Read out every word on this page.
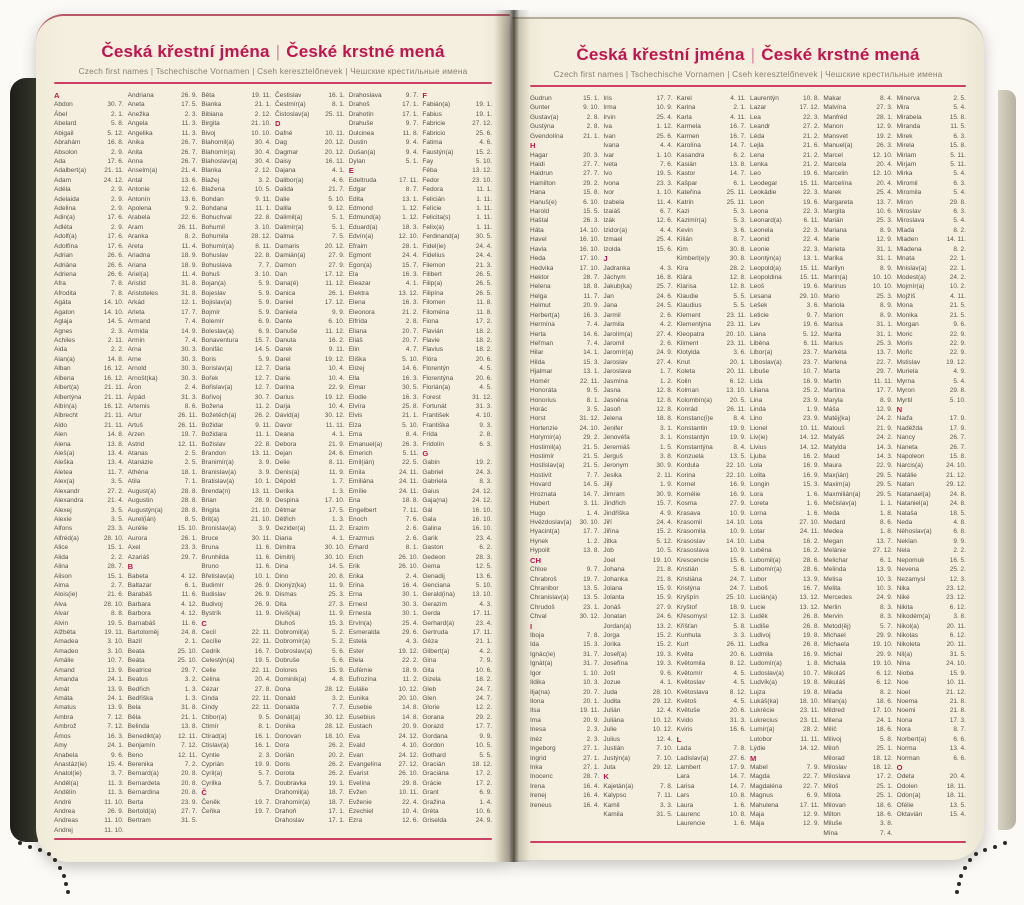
Česká křestní jména | České krstné mená
Czech first names | Tschechische Vornamen | Cseh keresztelőnevek | Чешские крестильные имена
A
Abdon	30. 7.
Ábel	2. 1.
Abelard	5. 8.
Abigail	5. 12.
Abrahám	16. 8.
Absolon	2. 9.
Ada	17. 6.
Adalbert(a)	21. 11.
Adam	24. 12.
Adéla	2. 9.
Adelaida	2. 9.
Adelina	2. 9.
Adin(a)	17. 6.
Adléta	2. 9.
Adolf(a)	17. 6.
Adolfína	17. 6.
Adrian	26. 6.
Adriána	26. 6.
Adriena	26. 6.
Afra	7. 8.
Afrodita	7. 8.
Agáta	14. 10.
Agaton	14. 10.
Aglaja	14. 5.
Agnes	2. 3.
Achiles	2. 11.
Aida	2. 2.
Alan(a)	14. 8.
Alban	16. 12.
Albena	16. 12.
Albert(a)	21. 11.
Albertýna	21. 11.
Albín(a)	16. 12.
Albrecht	21. 11.
Aldo	21. 11.
Alen	14. 8.
Alena	13. 8.
Aleš(a)	13. 4.
Aleška	13. 4.
Aletea	11. 7.
Alex(a)	3. 5.
Alexandr	27. 2.
Alexandra	21. 4.
Alexej	3. 5.
Alexie	3. 5.
Alfons	23. 3.
Alfréd(a)	28. 10.
Alice	15. 1.
Alida	2. 2.
Alina	28. 7.
Alison	15. 1.
Alma	2. 7.
Alois(ie)	21. 6.
Alva	28. 10.
Alvar	8. 8.
Alvin	19. 5.
Alžběta	19. 11.
Amadea	3. 10.
Amadeo	3. 10.
Amálie	10. 7.
Amand	13. 9.
Amanda	24. 1.
Amát	13. 9.
Amáta	24. 1.
Amatus	13. 9.
Ambra	7. 12.
Ambrož	7. 12.
Ámos	16. 3.
Amy	24. 1.
Anabela	9. 6.
Anastáz(ie)	15. 4.
Anatol(ie)	3. 7.
Anděl(a)	11. 3.
Andělín	11. 3.
André	11. 10.
Andrea	26. 9.
Andreas	11. 10.
Andrej	11. 10.
Andriana	26. 9.
Aneta	17. 5.
Anežka	2. 3.
Angela	11. 3.
Angelika	11. 3.
Anika	26. 7.
Anita	26. 7.
Anna	26. 7.
Anselm(a)	21. 4.
Antal	13. 6.
Antonie	12. 6.
Antonín	13. 6.
Apolena	9. 2.
Arabela	22. 6.
Aram	26. 11.
Aranka	8. 2.
Areta	11. 4.
Ariadna	18. 9.
Ariana	18. 9.
Ariel(a)	11. 4.
Aristid	31. 8.
Aristoteles	31. 8.
Arkád	12. 1.
Arleta	17. 7.
Armand	7. 4.
Armida	14. 9.
Armin	7. 4.
Arna	30. 3.
Arne	30. 3.
Arnold	30. 3.
Arnošt(ka)	30. 3.
Áron	2. 4.
Árpád	31. 3.
Artemis	8. 6.
Artur	26. 11.
Artuš	26. 11.
Arzen	19. 7.
Astrid	12. 11.
Atanas	2. 5.
Atanázie	2. 5.
Athéna	18. 1.
Atila	7. 1.
August(a)	28. 8.
Augustin	28. 8.
Augustýn(a)	28. 8.
Aurel(ián)	8. 5.
Aurélie	15. 10.
Aurora	26. 1.
Axel	23. 3.
Azariáš	29. 7.
B
Babeta	4. 12.
Baltazar	6. 1.
Barabáš	11. 6.
Barbara	4. 12.
Barbora	4. 12.
Barnabáš	11. 6.
Bartoloměj	24. 8.
Bazil	2. 1.
Beata	25. 10.
Beáta	25. 10.
Beatrice	29. 7.
Beatus	3. 2.
Bedřich	1. 3.
Bedřiška	1. 3.
Bela	31. 8.
Běla	21. 1.
Belinda	13. 8.
Benedikt(a)	12. 11.
Benjamín	7. 12.
Beno	12. 11.
Berenika	7. 2.
Bernard(a)	20. 8.
Bernardeta	20. 8.
Bernardina	20. 8.
Berta	23. 9.
Bertold(a)	27. 7.
Bertram	31. 5.
Běta	19. 11.
Bianka	21. 1.
Bibiana	2. 12.
Birgita	21. 10.
Bivoj	10. 10.
Blahomil(a)	30. 4.
Blahomír(a)	30. 4.
Blahoslav(a)	30. 4.
Blanka	2. 12.
Blažej	3. 2.
Blažena	10. 5.
Bohdan	9. 11.
Bohdana	11. 1.
Bohuchval	22. 8.
Bohumil	3. 10.
Bohumila	28. 12.
Bohumír(a)	8. 11.
Bohuslav	22. 8.
Bohuslava	7. 7.
Bohuš	3. 10.
Bojan(a)	5. 9.
Bojeslav	5. 9.
Bojislav(a)	5. 9.
Bojmír	5. 9.
Bolemír	6. 9.
Boleslav(a)	6. 9.
Bonaventura	15. 7.
Bonifác	14. 5.
Boris	5. 9.
Borislav(a)	12. 7.
Bořek	12. 7.
Bořislav(a)	12. 7.
Bořivoj	30. 7.
Božena	11. 2.
Božetěch(a)	26. 2.
Božidar	9. 11.
Božidara	11. 1.
Božislav	22. 8.
Brandon	13. 11.
Branimír(a)	3. 9.
Branislav(a)	3. 9.
Bratislav(a)	10. 1.
Brenda(n)	13. 11.
Brian	28. 9.
Brigita	21. 10.
Brit(a)	21. 10.
Bronislav(a)	3. 9.
Bruce	30. 11.
Bruna	11. 6.
Brunhilda	11. 6.
Bruno	11. 6.
Břetislav(a)	10. 1.
Budimír	26. 9.
Budislav	26. 9.
Budivoj	26. 9.
Bystrík	11. 9.
C
Cecil	22. 11.
Cecílie	22. 11.
Cedrik	16. 7.
Celestýn(a)	19. 5.
Celie	22. 11.
Celina	20. 4.
Cézar	27. 8.
Cinda	22. 11.
Cindy	22. 11.
Ctibor(a)	9. 5.
Ctimír	8. 1.
Ctirad(a)	16. 1.
Ctislav(a)	16. 1.
Cyntie	2. 3.
Cyprián	19. 9.
Cyril(a)	5. 7.
Cyrilka	5. 7.
Č
Čeněk	19. 7.
Čeňka	19. 7.
Čestislav	16. 1.
Čestmír(a)	8. 1.
Čistoslav(a)	25. 11.
D
Dafné	10. 11.
Dag	20. 12.
Dagmar	20. 12.
Daisy	16. 11.
Dajana	4. 1.
Dalibor(a)	4. 6.
Dalida	21. 7.
Dalie	5. 10.
Dalila	9. 12.
Dalimil(a)	5. 1.
Dalimír(a)	5. 1.
Dalma	7. 5.
Damaris	20. 12.
Damián(a)	27. 9.
Damon	27. 9.
Dan	17. 12.
Dana(é)	11. 12.
Danica	26. 1.
Daniel	17. 12.
Daniela	9. 9.
Dante	6. 10.
Danuše	11. 12.
Danuta	16. 2.
Darek	9. 11.
Darel	19. 12.
Daria	10. 4.
Darie	10. 4.
Darina	22. 9.
Darius	19. 12.
Darja	10. 4.
David(a)	30. 12.
Davor	11. 11.
Deana	4. 1.
Debora	21. 9.
Dejan	24. 6.
Delie	8. 11.
Denis(a)	11. 9.
Děpold	1. 7.
Derika	1. 3.
Despina	17. 10.
Dětmar	17. 5.
Dětřich	1. 3.
Dezider(a)	11. 2.
Diana	4. 1.
Dimitra	30. 10.
Dimitrij	30. 10.
Dina	14. 5.
Dino	20. 8.
Dionýz(ka)	11. 9.
Dismas	25. 3.
Dita	27. 3.
Diviš(ka)	11. 9.
Dluhoš	15. 3.
Dobromil(a)	5. 2.
Dobromír(a)	5. 2.
Dobroslav(a)	5. 6.
Dobruše	5. 6.
Dolores	15. 9.
Dominik(a)	4. 8.
Dona	28. 12.
Donald	3. 2.
Donalda	7. 7.
Donát(a)	30. 12.
Donika	28. 12.
Donovan	18. 10.
Dora	26. 2.
Dorián	20. 2.
Doris	26. 2.
Dorota	26. 2.
Doubravka	19. 1.
Drahomil(a)	18. 7.
Drahomír(a)	18. 7.
Drahoň	17. 1.
Drahoslav	17. 1.
Drahoslava	9. 7.
Drahoš	17. 1.
Drahotín	17. 1.
Drahuše	9. 7.
Dulcinea	11. 8.
Dustin	9. 4.
Dušan(a)	9. 4.
Dylan	5. 1.
E
Edeltruda	17. 11.
Edgar	8. 7.
Edita	13. 1.
Edmond	1. 12.
Edmund(a)	1. 12.
Eduard(a)	18. 3.
Edvín(a)	12. 10.
Efraim	28. 1.
Egmont	24. 4.
Egon(a)	15. 7.
Ela	16. 3.
Eleazar	4. 1.
Elektra	13. 12.
Elena	16. 3.
Eleonora	21. 2.
Elfrída	2. 8.
Eliana	20. 7.
Eliáš	20. 7.
Elin	4. 7.
Eliška	5. 10.
Elizej	14. 6.
Ella	16. 3.
Elmar	30. 5.
Elodie	16. 3.
Elvíra	25. 8.
Elvis	21. 1.
Elza	5. 10.
Ema	8. 4.
Emanuel(a)	26. 3.
Emerich	5. 11.
Emil(ián)	22. 5.
Emila	24. 11.
Emiliána	24. 11.
Emílie	24. 11.
Ena	18. 8.
Engelbert	7. 11.
Enoch	7. 6.
Erazim	2. 6.
Erazmus	2. 6.
Erhard	8. 1.
Erich	26. 10.
Erik	26. 10.
Erika	2. 4.
Erina	16. 4.
Erna	30. 1.
Ernest	30. 3.
Ernesta	30. 1.
Ervín(a)	25. 4.
Esmeralda	29. 6.
Estela	4. 3.
Ester	19. 12.
Etela	22. 2.
Eufémie	18. 9.
Eufrozína	11. 2.
Eulálie	10. 12.
Eunika	20. 10.
Eusebie	14. 8.
Eusebius	14. 8.
Eustach	20. 9.
Eva	24. 12.
Evald	4. 10.
Evan	24. 12.
Evangelína	27. 12.
Evarist	26. 10.
Evelína	29. 8.
Evžen	10. 11.
Evženie	22. 4.
Ezechiel	10. 4.
Ezra	12. 6.
F
Fabián(a)	19. 1.
Fabius	19. 1.
Fabricie	27. 12.
Fabricio	25. 6.
Fatima	4. 6.
Faustýn(a)	15. 2.
Fay	5. 10.
Féba	13. 12.
Fedor	23. 10.
Fedora	11. 1.
Felicián	1. 11.
Felície	1. 11.
Felicita(s)	1. 11.
Felix(a)	1. 11.
Ferdinand(a)	30. 5.
Fidel(ie)	24. 4.
Fidelius	24. 4.
Filemon	21. 3.
Filibert	26. 5.
Filip(a)	26. 5.
Filipína	26. 5.
Filomen	11. 8.
Filoména	11. 8.
Fiona	17. 2.
Flavián	18. 2.
Flavie	18. 2.
Flavius	18. 2.
Flóra	20. 6.
Florentýn	4. 5.
Florentýna	20. 6.
Florián(a)	4. 5.
Forest	31. 12.
Fortunát	31. 3.
František	4. 10.
Františka	9. 3.
Frída	2. 8.
Fridolín	6. 3.
G
Gabin	19. 2.
Gabriel	24. 3.
Gabriela	8. 3.
Gaius	24. 12.
Gaja(na)	24. 12.
Gál	16. 10.
Gala	16. 10.
Galina	16. 10.
Garik	23. 4.
Gaston	6. 2.
Gedeon	28. 3.
Gema	12. 5.
Genadij	13. 6.
Genciana	5. 10.
Gerald(ina)	13. 10.
Gerazim	4. 3.
Gerda	17. 11.
Gerhard(a)	23. 4.
Gertruda	17. 11.
Géza	21. 1.
Gilbert(a)	4. 2.
Gina	7. 9.
Gita	10. 6.
Gizela	18. 2.
Gleb	24. 7.
Glen	24. 7.
Glorie	12. 2.
Gorana	29. 2.
Gorazd	17. 7.
Gordana	9. 9.
Gordon	10. 5.
Gothard	5. 5.
Gracián	18. 12.
Graciána	17. 2.
Grácie	17. 2.
Grant	6. 9.
Gražina	1. 4.
Gréta	10. 6.
Griselda	24. 9.
Česká křestní jména | České krstné mená
Czech first names | Tschechische Vornamen | Cseh keresztelőnevek | Чешские крестильные имена
Gudrun	15. 1.
Gunter	9. 10.
Gustav(a)	2. 8.
Gustýna	2. 8.
Gvendolína	21. 1.
H
Hagar	20. 3.
Haidi	27. 7.
Haidrun	27. 7.
Hamilton	29. 2.
Hana	15. 8.
Hanuš(e)	6. 10.
Harold	15. 5.
Haštal	26. 3.
Háta	14. 10.
Havel	16. 10.
Havla	16. 10.
Heda	17. 10.
Hedvika	17. 10.
Hektor	28. 7.
Helena	18. 8.
Helga	11. 7.
Helmut	20. 9.
Herbert(a)	16. 3.
Hermína	7. 4.
Herta	14. 6.
Heřman	7. 4.
Hilar	14. 1.
Hilda	15. 3.
Hjalmar	13. 1.
Homér	22. 11.
Honoráta	9. 5.
Honorius	8. 1.
Horác	3. 5.
Horst	31. 12.
Hortenzie	24. 10.
Horymír(a)	29. 2.
Hostimil(a)	21. 5.
Hostimír	21. 5.
Hostislav(a)	21. 5.
Hostivít	7. 7.
Hovard	14. 5.
Hroznata	14. 7.
Hubert	3. 11.
Hugo	1. 4.
Hvězdoslav(a)	30. 10.
Hyacint(a)	17. 7.
Hynek	1. 2.
Hypolit	13. 8.
CH
Chloe	9. 7.
Chrabroš	19. 7.
Chranibor	13. 5.
Chranislav(a)	13. 5.
Chrudoš	23. 1.
Chval	30. 12.
I
Iboja	7. 8.
Ida	15. 3.
Ignác(ie)	31. 7.
Ignát(a)	31. 7.
Igor	1. 10.
Ildika	10. 3.
Ilja(na)	20. 7.
Ilona	20. 1.
Ilsa	19. 11.
Ima	20. 9.
Inesa	2. 3.
Inéz	2. 3.
Ingeborg	27. 1.
Ingrid	27. 1.
Inka	27. 1.
Inocenc	28. 7.
Irena	16. 4.
Irenej	16. 4.
Ireneus	16. 4.
Iris	17. 7.
Irma	10. 9.
Irvin	25. 4.
Iva	1. 12.
Ivan	25. 6.
Ivana	4. 4.
Ivar	1. 10.
Iveta	7. 6.
Ivo	19. 5.
Ivona	23. 3.
Ivor	1. 10.
Izabela	11. 4.
Izaiáš	6. 7.
Izák	12. 6.
Izidor(a)	4. 4.
Izmael	25. 4.
Izolda	15. 6.
J
Jadranka	4. 3.
Jáchym	16. 8.
Jakub(ka)	25. 7.
Jan	24. 6.
Jana	24. 5.
Jarmil	2. 6.
Jarmila	4. 2.
Jarolím(a)	27. 4.
Jaromil	2. 6.
Jaromír(a)	24. 9.
Jaroslav	27. 4.
Jaroslava	1. 7.
Jasmína	1. 2.
Jasna	12. 8.
Jasněna	12. 8.
Jasoň	12. 8.
Jelena	18. 8.
Jenifer	3. 1.
Jenovéfa	3. 1.
Jeremiáš	1. 5.
Jerguš	3. 8.
Jeronym	30. 9.
Jesika	2. 11.
Jiljí	1. 9.
Jimram	30. 9.
Jindřich	15. 7.
Jindřiška	4. 9.
Jiří	24. 4.
Jiřina	15. 2.
Jitka	5. 12.
Job	10. 5.
Joel	19. 10.
Johana	21. 8.
Johanka	21. 8.
Jolana	15. 9.
Jolanta	15. 9.
Jonáš	27. 9.
Jonatan	24. 6.
Jordan(a)	13. 2.
Jorga	15. 2.
Jorika	15. 2.
Josef(a)	19. 3.
Josefína	19. 3.
Jošt	9. 6.
Jozue	4. 1.
Juda	28. 10.
Judita	29. 12.
Julián	12. 4.
Juliána	10. 12.
Julie	10. 12.
Julius	12. 4.
Justián	7. 10.
Justýn(a)	7. 10.
Juta	29. 12.
K
Kajetán(a)	7. 8.
Kalypso	7. 11.
Kamil	3. 3.
Kamila	31. 5.
Karel	4. 11.
Karina	2. 1.
Karla	4. 11.
Karmela	16. 7.
Karmen	16. 7.
Karolína	14. 7.
Kasandra	6. 2.
Kasián	13. 8.
Kastor	14. 7.
Kašpar	6. 1.
Kateřina	25. 11.
Katrin	25. 11.
Kazi	5. 3.
Kazimír(a)	5. 3.
Kevin	3. 6.
Kilián	8. 7.
Kim	30. 8.
Kimberl(e)y	30. 8.
Kira	28. 2.
Klára	12. 8.
Klarisa	12. 8.
Klaudie	5. 5.
Klaudius	5. 5.
Klement	23. 11.
Klementýna	23. 11.
Kleopatra	20. 10.
Kliment	23. 11.
Klotylda	3. 6.
Knut	20. 1.
Koleta	20. 11.
Kolin	6. 12.
Kolman	13. 10.
Kolombín(a)	20. 5.
Konrád	26. 11.
Konstanc(i)e	8. 4.
Konstantin	19. 9.
Konstantýn	19. 9.
Konstantýna	8. 4.
Konzuela	13. 5.
Kordula	22. 10.
Korina	22. 10.
Kornel	16. 9.
Kornélie	16. 9.
Kosma	27. 9.
Krasava	10. 9.
Krasomil	14. 10.
Krasomila	10. 9.
Krasoslav	14. 10.
Krasoslava	10. 9.
Krescencie	15. 6.
Kristián	5. 8.
Kristiána	24. 7.
Kristýna	24. 7.
Kryšpín	25. 10.
Kryštof	18. 9.
Křesomysl	12. 3.
Křišťan	5. 8.
Kunhuta	3. 3.
Kurt	26. 11.
Květa	20. 6.
Květomila	8. 12.
Květomír	4. 5.
Květoslav	4. 5.
Květoslava	8. 12.
Květoš	4. 5.
Květuše	20. 6.
Kvido	31. 3.
Kviris	16. 6.
L
Lada	7. 8.
Ladislav(a)	27. 6.
Lambert	17. 9.
Lara	14. 7.
Larisa	14. 7.
Lars	10. 8.
Laura	1. 6.
Laurenc	10. 8.
Laurencie	1. 6.
Laurentýn	10. 8.
Lazar	17. 12.
Lea	22. 3.
Leandr	27. 2.
Léda	21. 2.
Lejla	21. 6.
Lena	21. 2.
Lenka	21. 2.
Leo	19. 6.
Leodegar	15. 11.
Leokádie	22. 3.
Leon	19. 6.
Leona	22. 3.
Leonard(a)	6. 11.
Leonela	22. 3.
Leonid	22. 4.
Leonie	22. 3.
Leontýn(a)	13. 1.
Leopold(a)	15. 11.
Leopoldina	15. 11.
Leoš	19. 6.
Lesana	29. 10.
Lešek	3. 6.
Leticie	9. 7.
Lev	19. 6.
Liana	5. 12.
Liběna	6. 11.
Libor(a)	23. 7.
Liboslav(a)	23. 7.
Libuše	10. 7.
Lída	16. 9.
Liliana	25. 2.
Lina	23. 9.
Linda	1. 9.
Lino	23. 9.
Lionel	10. 11.
Liv(ie)	14. 12.
Livius	14. 12.
Ljuba	16. 2.
Lola	16. 9.
Lolita	16. 9.
Longin	15. 3.
Lora	1. 6.
Loreta	1. 6.
Lorna	1. 6.
Lota	27. 10.
Lotar	24. 11.
Luba	16. 2.
Luběna	16. 2.
Lubomil(a)	28. 6.
Lubomír(a)	28. 6.
Lubor	13. 9.
Luboš	16. 7.
Lucián(a)	13. 12.
Lucie	13. 12.
Luděk	26. 8.
Ludiše	26. 8.
Ludivoj	19. 8.
Luďka	26. 8.
Ludmila	16. 9.
Ludomír(a)	1. 8.
Ludoslav(a)	10. 7.
Ludvík(a)	19. 8.
Lujza	19. 8.
Lukáš(ka)	18. 10.
Lukrécie	23. 11.
Lukrecius	23. 11.
Lumír(a)	28. 2.
Lutobor	11. 11.
Lýdie	14. 12.
M
Mabel	7. 9.
Magda	22. 7.
Magdaléna	22. 7.
Magnus	6. 9.
Mahulena	17. 11.
Maja	12. 9.
Mája	12. 9.
Makar	8. 4.
Malvína	27. 3.
Manfréd	28. 1.
Manon	12. 9.
Mansvet	19. 2.
Manuel(a)	26. 3.
Marcel	12. 10.
Marcela	20. 4.
Marcelin	12. 10.
Marcelína	20. 4.
Marek	25. 4.
Margareta	13. 7.
Margita	10. 6.
Marián	25. 3.
Mariana	8. 9.
Marie	12. 9.
Marieta	31. 1.
Marika	31. 1.
Marilyn	8. 9.
Marin(a)	10. 10.
Marinus	10. 10.
Mario	25. 3.
Mariola	8. 9.
Marion	8. 9.
Marisa	31. 1.
Marita	31. 1.
Marius	25. 3.
Markéta	13. 7.
Marlena	22. 7.
Marta	29. 7.
Martin	11. 11.
Martina	17. 7.
Maryla	8. 9.
Máša	12. 9.
Matěj(ka)	24. 2.
Matouš	21. 9.
Matyáš	24. 2.
Matylda	14. 3.
Maud	14. 3.
Maura	22. 9.
Max(ián)	29. 5.
Maxim(a)	29. 5.
Maxmilián(a)	29. 5.
Mečislav(a)	1. 1.
Meda	1. 8.
Medard	8. 6.
Medea	1. 8.
Megan	13. 7.
Melánie	27. 12.
Melichar	6. 1.
Melinda	13. 9.
Melisa	10. 3.
Melita	10. 3.
Mercedes	24. 9.
Merlin	8. 3.
Mervin	8. 3.
Metod(ěj)	5. 7.
Michael	29. 9.
Michaela	19. 10.
Michal	29. 9.
Michala	19. 10.
Mikoláš	6. 12.
Mikuláš	6. 12.
Milada	8. 2.
Milan(a)	18. 6.
Mildred	17. 10.
Milena	24. 1.
Milíč	18. 6.
Milivoj	5. 8.
Miloň	25. 1.
Milorad	18. 12.
Miloslav	18. 12.
Miloslava	17. 2.
Miloš	25. 1.
Milota	25. 1.
Milovan	18. 6.
Milton	18. 6.
Miluše	3. 8.
Mína	7. 4.
Minerva	2. 5.
Mira	5. 4.
Mirabela	15. 8.
Miranda	11. 5.
Mirek	6. 3.
Mirela	15. 8.
Miriam	5. 11.
Mirjam	5. 11.
Mirka	5. 4.
Miromil	6. 3.
Miromila	5. 4.
Miron	29. 8.
Miroslav	6. 3.
Miroslava	5. 4.
Mlada	8. 2.
Mladen	14. 11.
Mladena	8. 2.
Mnata	22. 1.
Mnislav(a)	22. 1.
Modest(a)	24. 2.
Mojmír(a)	10. 2.
Mojžíš	4. 11.
Mona	21. 5.
Monika	21. 5.
Morgan	9. 6.
Moric	22. 9.
Moris	22. 9.
Mořic	22. 9.
Mstislav	19. 12.
Muriela	4. 9.
Myrna	5. 4.
Myron	29. 8.
Myrtil	5. 10.
N
Naďa	17. 9.
Naděžda	17. 9.
Nancy	26. 7.
Naneta	26. 7.
Napoleon	15. 8.
Narcis(a)	24. 10.
Natálie	21. 12.
Natan	29. 12.
Natanael(a)	24. 8.
Nataniel(a)	24. 8.
Nataša	18. 5.
Neda	4. 8.
Něhoslav(a)	6. 8.
Neklan	9. 9.
Nela	2. 2.
Nepomuk	16. 5.
Nevena	25. 2.
Nezamysl	12. 3.
Nika	23. 12.
Niké	23. 12.
Nikita	6. 12.
Nikodém(a)	3. 8.
Nikol(a)	20. 11.
Nikolas	6. 12.
Nikoleta	20. 11.
Nil(a)	31. 5.
Nina	24. 10.
Nioba	15. 9.
Noe	10. 11.
Noel	21. 12.
Noema	21. 8.
Noemi	21. 8.
Nona	17. 3.
Nora	8. 7.
Norbert(a)	6. 6.
Norma	13. 4.
Norman	6. 6.
O
Odeta	20. 4.
Odolen	18. 11.
Odon(a)	18. 11.
Ofélie	13. 5.
Oktavián	15. 4.
